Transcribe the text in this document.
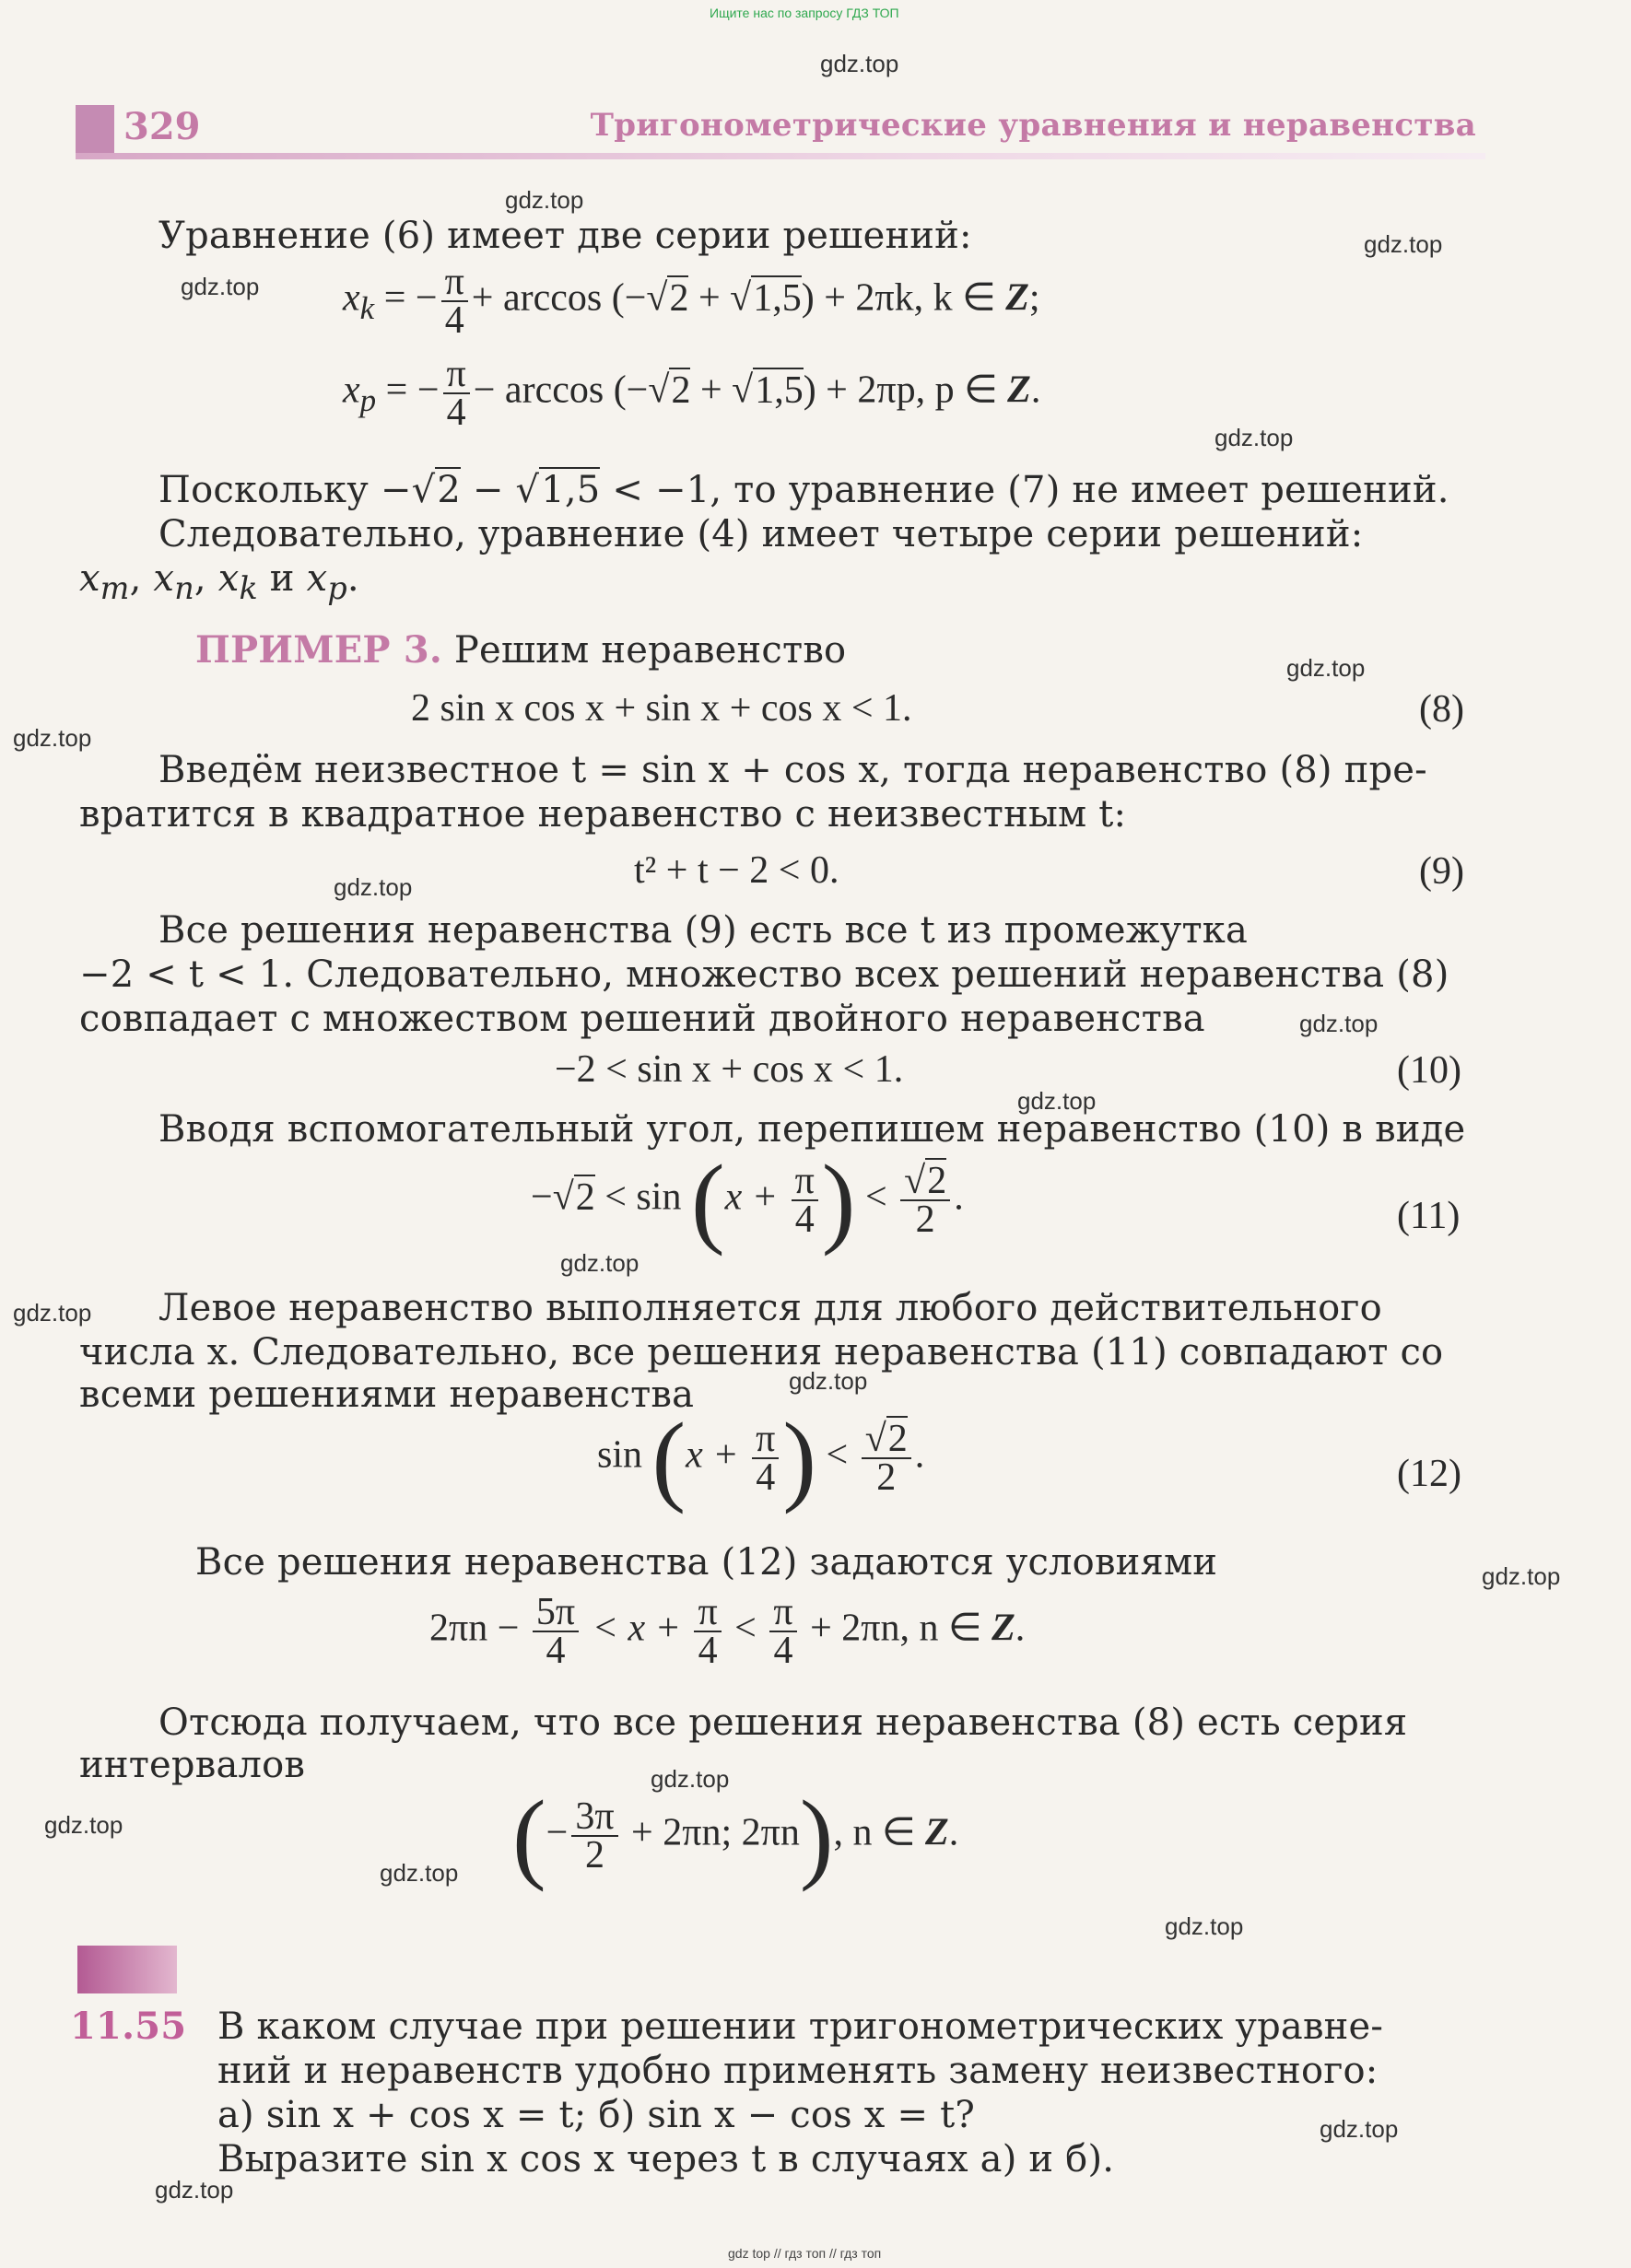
Ищите нас по запросу ГДЗ ТОП
gdz top // гдз топ // гдз топ
gdz.top
gdz.top
gdz.top
gdz.top
gdz.top
gdz.top
gdz.top
gdz.top
gdz.top
gdz.top
gdz.top
gdz.top
gdz.top
gdz.top
gdz.top
gdz.top
gdz.top
gdz.top
gdz.top
gdz.top
329	Тригонометрические уравнения и неравенства
Уравнение (6) имеет две серии решений:
$x_k$ = − $\frac{\pi}{4} + \arccos (-√2 + √1,5) + 2\pi k$, k ∈ Z;
$x_p$ = − $\frac{\pi}{4} - \arccos (-√2 + √1,5) + 2\pi p$, p ∈ Z.
Поскольку −√2 − √1,5 < −1, то уравнение (7) не имеет решений.
Следовательно, уравнение (4) имеет четыре серии решений:
$x_m$, $x_n$, $x_k$ и $x_p$.
ПРИМЕР 3. Решим неравенство
2 sin x cos x + sin x + cos x < 1.	(8)
Введём неизвестное t = sin x + cos x, тогда неравенство (8) пре-
вратится в квадратное неравенство с неизвестным t:
t² + t − 2 < 0.	(9)
Все решения неравенства (9) есть все t из промежутка
−2 < t < 1. Следовательно, множество всех решений неравенства (8)
совпадает с множеством решений двойного неравенства
−2 < sin x + cos x < 1.	(10)
Вводя вспомогательный угол, перепишем неравенство (10) в виде
$-√2 < \sin (x + \frac{\pi}{4}$ ) < $\frac{√2}{2}$ .	(11)
Левое неравенство выполняется для любого действительного
числа x. Следовательно, все решения неравенства (11) совпадают со
всеми решениями неравенства
$\sin (x + \frac{\pi}{4}$ ) < $\frac{√2}{2}$ .	(12)
Все решения неравенства (12) задаются условиями
$2\pi n - \frac{5\pi}{4} < x + \frac{\pi}{4} < \frac{\pi}{4} + 2\pi n$, n ∈ Z.
Отсюда получаем, что все решения неравенства (8) есть серия
интервалов
(− $\frac{3\pi}{2} + 2\pi n$; 2πn), n ∈ Z.
11.55 В каком случае при решении тригонометрических уравне-
ний и неравенств удобно применять замену неизвестного:
а) sin x + cos x = t; б) sin x − cos x = t?
Выразите sin x cos x через t в случаях а) и б).
